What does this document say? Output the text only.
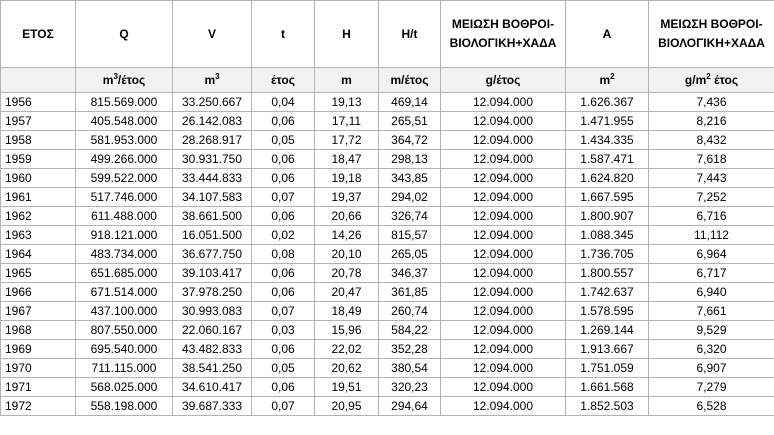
ΕΤΟΣ	Q	V	t	H	H/t	ΜΕΙΩΣΗ ΒΟΘΡΟΙ-ΒΙΟΛΟΓΙΚΗ+ΧΑΔΑ	A	ΜΕΙΩΣΗ ΒΟΘΡΟΙ-ΒΙΟΛΟΓΙΚΗ+ΧΑΔΑ
	$m^3$/έτος	$m^3$	έτος	m	m/έτος	g/έτος	$m^2$	$g/m^2$ έτος
1956	815.569.000	33.250.667	0,04	19,13	469,14	12.094.000	1.626.367	7,436
1957	405.548.000	26.142.083	0,06	17,11	265,51	12.094.000	1.471.955	8,216
1958	581.953.000	28.268.917	0,05	17,72	364,72	12.094.000	1.434.335	8,432
1959	499.266.000	30.931.750	0,06	18,47	298,13	12.094.000	1.587.471	7,618
1960	599.522.000	33.444.833	0,06	19,18	343,85	12.094.000	1.624.820	7,443
1961	517.746.000	34.107.583	0,07	19,37	294,02	12.094.000	1.667.595	7,252
1962	611.488.000	38.661.500	0,06	20,66	326,74	12.094.000	1.800.907	6,716
1963	918.121.000	16.051.500	0,02	14,26	815,57	12.094.000	1.088.345	11,112
1964	483.734.000	36.677.750	0,08	20,10	265,05	12.094.000	1.736.705	6,964
1965	651.685.000	39.103.417	0,06	20,78	346,37	12.094.000	1.800.557	6,717
1966	671.514.000	37.978.250	0,06	20,47	361,85	12.094.000	1.742.637	6,940
1967	437.100.000	30.993.083	0,07	18,49	260,74	12.094.000	1.578.595	7,661
1968	807.550.000	22.060.167	0,03	15,96	584,22	12.094.000	1.269.144	9,529
1969	695.540.000	43.482.833	0,06	22,02	352,28	12.094.000	1.913.667	6,320
1970	711.115.000	38.541.250	0,05	20,62	380,54	12.094.000	1.751.059	6,907
1971	568.025.000	34.610.417	0,06	19,51	320,23	12.094.000	1.661.568	7,279
1972	558.198.000	39.687.333	0,07	20,95	294,64	12.094.000	1.852.503	6,528
